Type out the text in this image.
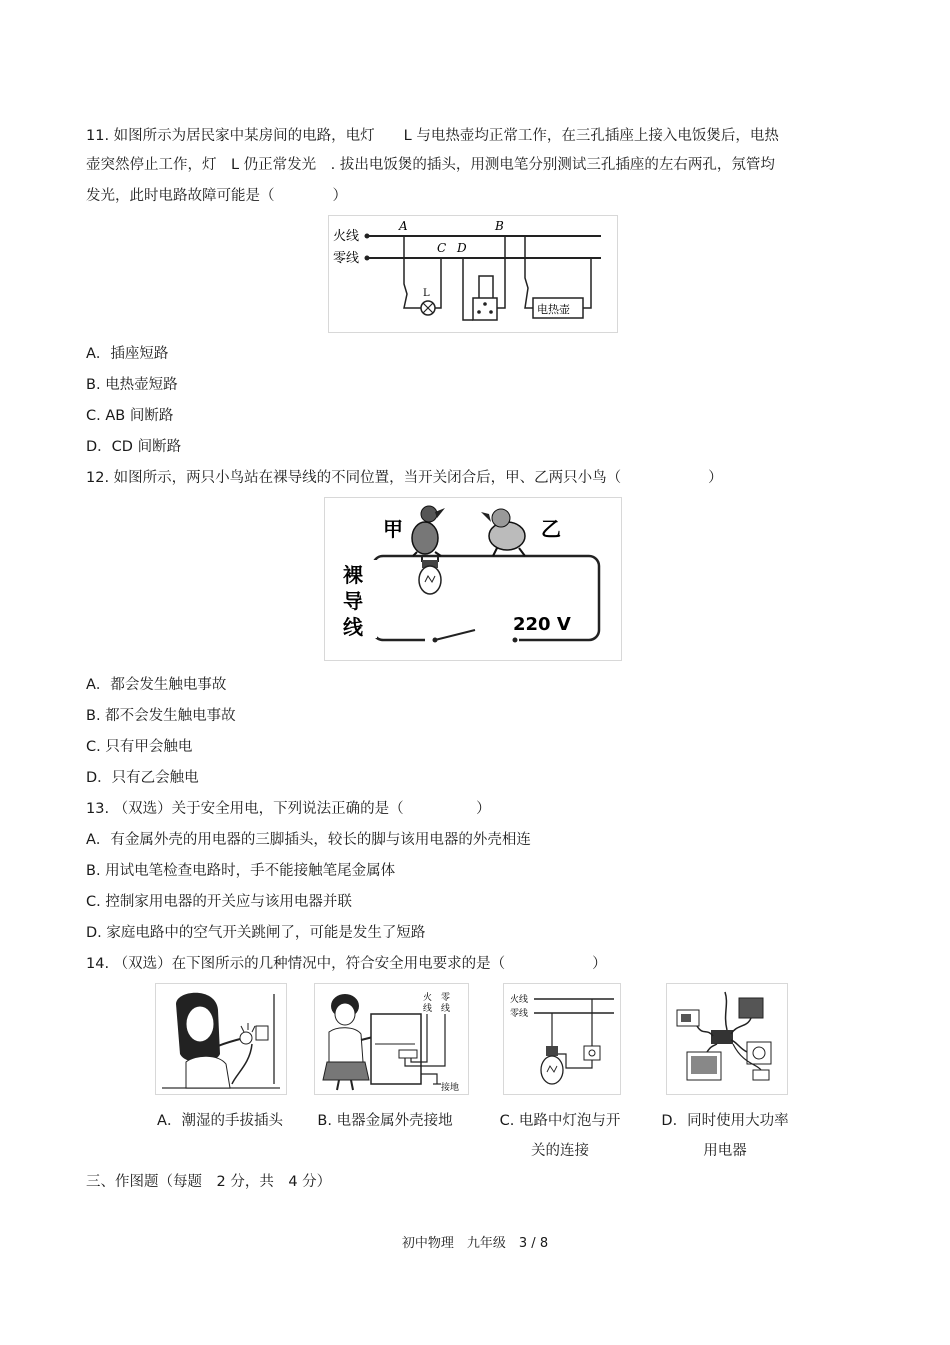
11. 如图所示为居民家中某房间的电路，电灯　　L 与电热壶均正常工作，在三孔插座上接入电饭煲后，电热
壶突然停止工作，灯　L 仍正常发光　. 拔出电饭煲的插头，用测电笔分别测试三孔插座的左右两孔，氖管均
发光，此时电路故障可能是（　　　　）
火线
零线
A
C D
B
L
电热壶
A．插座短路
B. 电热壶短路
C. AB 间断路
D．CD 间断路
12. 如图所示，两只小鸟站在裸导线的不同位置，当开关闭合后，甲、乙两只小鸟（　　　　　　）
甲	乙
裸
导
线	220 V
A．都会发生触电事故
B. 都不会发生触电事故
C. 只有甲会触电
D．只有乙会触电
13. （双选）关于安全用电，下列说法正确的是（　　　　　）
A．有金属外壳的用电器的三脚插头，较长的脚与该用电器的外壳相连
B. 用试电笔检查电路时，手不能接触笔尾金属体
C. 控制家用电器的开关应与该用电器并联
D. 家庭电路中的空气开关跳闸了，可能是发生了短路
14. （双选）在下图所示的几种情况中，符合安全用电要求的是（　　　　　　）
火 零
线 线
接地
火线
零线
A．潮湿的手拔插头	B. 电器金属外壳接地	C. 电路中灯泡与开
关的连接
D．同时使用大功率
用电器
三、作图题（每题　2 分，共　4 分）
初中物理　九年级　3 / 8
